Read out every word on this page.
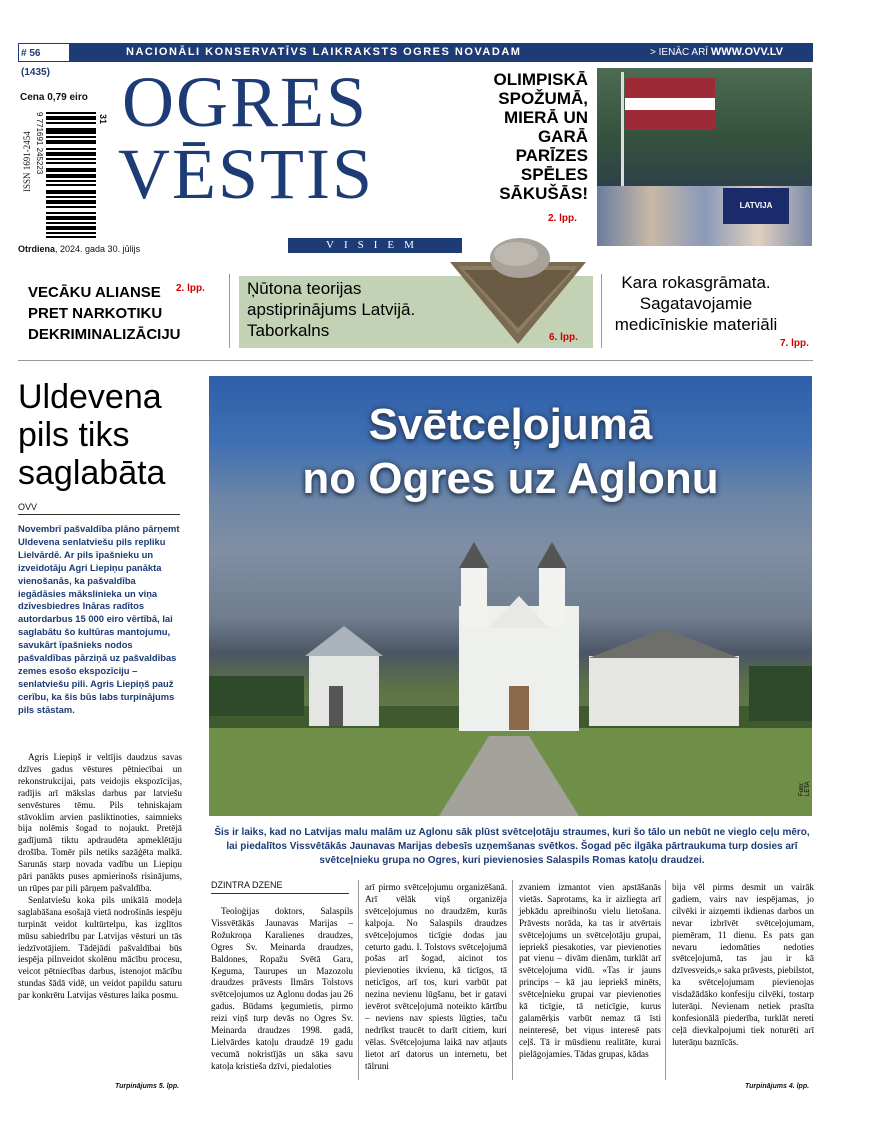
# 56 (1435)
NACIONĀLI KONSERVATĪVS LAIKRAKSTS OGRES NOVADAM	> IENĀC ARĪ WWW.OVV.LV
Cena 0,79 eiro
ISSN 1691-2454 9 771691 245223	31
Otrdiena, 2024. gada 30. jūlijs
OGRES
VĒSTIS
VISIEM
OLIMPISKĀ SPOŽUMĀ, MIERĀ UN GARĀ PARĪZES SPĒLES SĀKUŠĀS!
2. lpp.
LATVIJA
VECĀKU ALIANSE PRET NARKOTIKU DEKRIMINALIZĀCIJU
2. lpp. Ņūtona teorijas apstiprinājums Latvijā. Taborkalns	6. lpp.
Kara rokasgrāmata. Sagatavojamie medicīniskie materiāli
7. lpp.
Uldevena pils tiks saglabāta
OVV
Novembrī pašvaldība plāno pārņemt Uldevena senlatviešu pils repliku Lielvārdē. Ar pils īpašnieku un izveidotāju Agri Liepiņu panākta vienošanās, ka pašvaldība iegādāsies mākslinieka un viņa dzīvesbiedres Ināras radītos autordarbus 15 000 eiro vērtībā, lai saglabātu šo kultūras mantojumu, savukārt īpašnieks nodos pašvaldības pārziņā uz pašvaldības zemes esošo ekspozīciju – senlatviešu pili. Agris Liepiņš pauž cerību, ka šis būs labs turpinājums pils stāstam.

Agris Liepiņš ir veltījis daudzus savas dzīves gadus vēstures pētniecībai un rekonstrukcijai, pats veidojis ekspozīcijas, radījis arī mākslas darbus par latviešu senvēstures tēmu. Pils tehniskajam stāvoklim arvien pasliktinoties, saimnieks bija nolēmis šogad to nojaukt. Pretējā gadījumā tiktu apdraudēta apmeklētāju drošība. Tomēr pils netiks sazāģēta malkā. Sarunās starp novada vadību un Liepiņu pāri panākts puses apmierinošs risinājums, un rūpes par pili pārņem pašvaldība.

Senlatviešu koka pils unikālā modeļa saglabāšana esošajā vietā nodrošinās iespēju turpināt veidot kultūrtelpu, kas izglītos mūsu sabiedrību par Latvijas vēsturi un tās iedzīvotājiem. Tādējādi pašvaldībai būs iespēja pilnveidot skolēnu mācību procesu, veicot pētniecības darbus, istenojot mācību stundas šādā vidē, un veidot papildu saturu par konkrētu Latvijas vēstures laika posmu.

Turpinājums 5. lpp.
Svētceļojumā
no Ogres uz Aglonu
Foto: LETA
Šis ir laiks, kad no Latvijas malu malām uz Aglonu sāk plūst svētceļotāju straumes, kuri šo tālo un nebūt ne vieglo ceļu mēro, lai piedalītos Vissvētākās Jaunavas Marijas debesīs uzņemšanas svētkos. Šogad pēc ilgāka pārtraukuma turp dosies arī svētceļnieku grupa no Ogres, kuri pievienosies Salaspils Romas katoļu draudzei.
DZINTRA DZENE

Teoloģijas doktors, Salaspils Vissvētākās Jaunavas Marijas – Rožukroņa Karalienes draudzes, Ogres Sv. Meinarda draudzes, Baldones, Ropažu Svētā Gara, Ķeguma, Taurupes un Mazozolu draudzes prāvests Ilmārs Tolstovs svētceļojumos uz Aglonu dodas jau 26 gadus. Būdams ķegumietis, pirmo reizi viņš turp devās no Ogres Sv. Meinarda draudzes 1998. gadā, Lielvārdes katoļu draudzē 19 gadu vecumā nokristījās un sāka savu katoļa kristieša dzīvi, piedaloties

arī pirmo svētceļojumu organizēšanā. Arī vēlāk viņš organizēja svētceļojumus no draudzēm, kurās kalpoja. No Salaspils draudzes svētceļojumos ticīgie dodas jau ceturto gadu. I. Tolstovs svētceļojumā pošas arī šogad, aicinot tos pievienoties ikvienu, kā ticīgos, tā neticīgos, arī tos, kuri varbūt pat nezina nevienu lūgšanu, bet ir gatavi ievērot svētceļojumā noteikto kārtību – neviens nav spiests lūgties, taču nedrīkst traucēt to darīt citiem, kuri vēlas. Svētceļojuma laikā nav atļauts lietot arī datorus un internetu, bet tālruni

zvaniem izmantot vien apstāšanās vietās. Saprotams, ka ir aizliegta arī jebkādu apreibinošu vielu lietošana. Prāvests norāda, ka tas ir atvērtais svētceļojums un svētceļotāju grupai, iepriekš piesakoties, var pievienoties pat vienu – divām dienām, turklāt arī svētceļojuma vidū. «Tas ir jauns princips – kā jau iepriekš minēts, svētceļnieku grupai var pievienoties kā ticīgie, tā neticīgie, kurus galamērķis varbūt nemaz tā īsti neinteresē, bet viņus interesē pats ceļš. Tā ir mūsdienu realitāte, kurai pielāgojamies. Tādas grupas, kādas

bija vēl pirms desmit un vairāk gadiem, vairs nav iespējamas, jo cilvēki ir aizņemti ikdienas darbos un nevar izbrīvēt svētceļojumam, piemēram, 11 dienu. Es pats gan nevaru iedomāties nedoties svētceļojumā, tas jau ir kā dzīvesveids,» saka prāvests, piebilstot, ka svētceļojumam pievienojas visdažādāko konfesiju cilvēki, tostarp luterāņi. Nevienam netiek prasīta konfesionālā piederība, turklāt nereti ceļā dievkalpojumi tiek noturēti arī luterāņu baznīcās.

Turpinājums 4. lpp.
